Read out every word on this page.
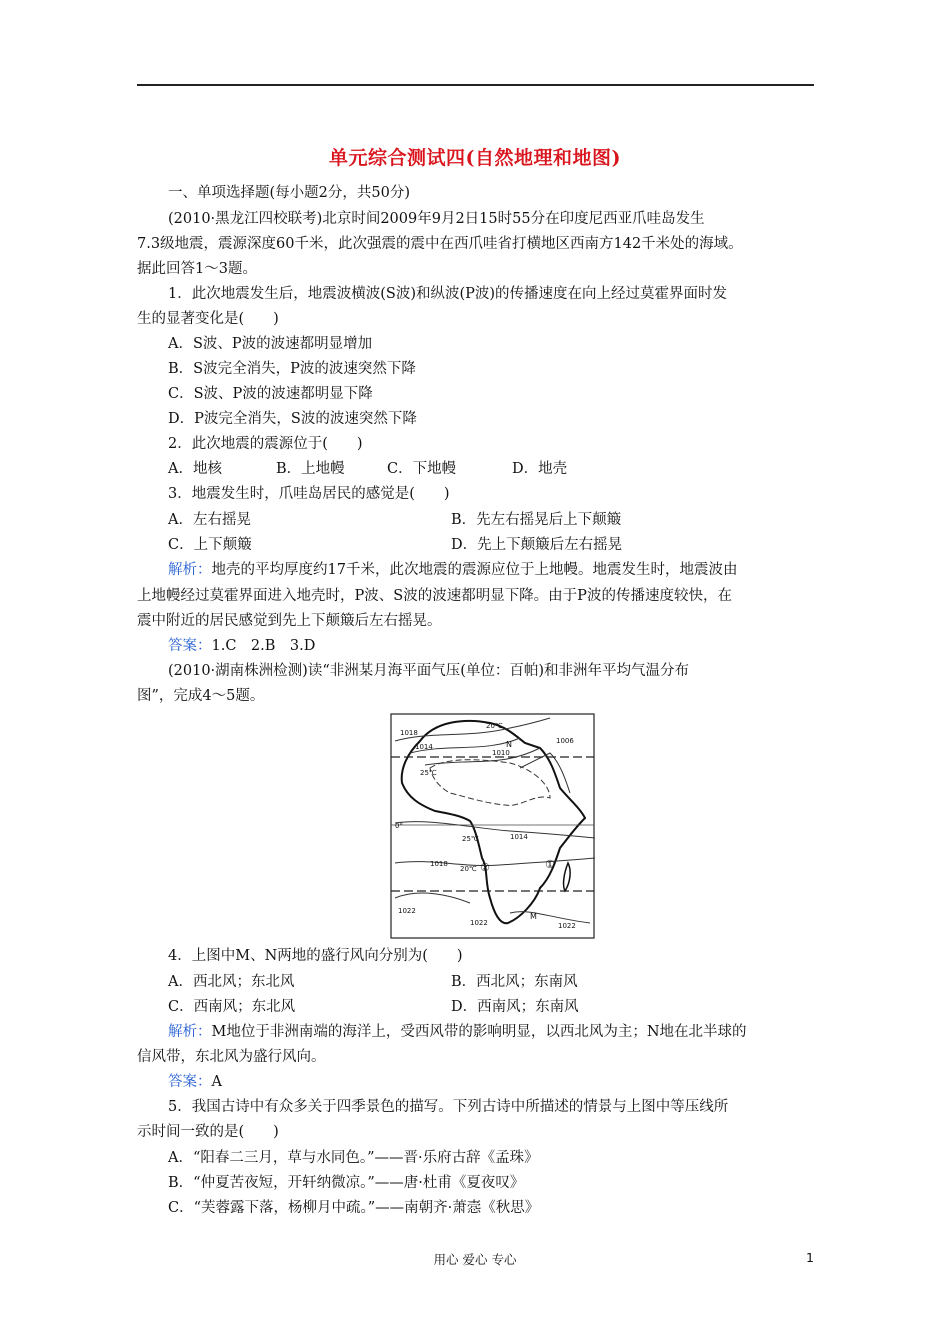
单元综合测试四(自然地理和地图)
一、单项选择题(每小题2分，共50分)
(2010·黑龙江四校联考)北京时间2009年9月2日15时55分在印度尼西亚爪哇岛发生
7.3级地震，震源深度60千米，此次强震的震中在西爪哇省打横地区西南方142千米处的海域。
据此回答1～3题。
1．此次地震发生后，地震波横波(S波)和纵波(P波)的传播速度在向上经过莫霍界面时发
生的显著变化是(　　)
A．S波、P波的波速都明显增加
B．S波完全消失，P波的波速突然下降
C．S波、P波的波速都明显下降
D．P波完全消失，S波的波速突然下降
2．此次地震的震源位于(　　)
A．地核	B．上地幔	C．下地幔	D．地壳
3．地震发生时，爪哇岛居民的感觉是(　　)
A．左右摇晃	B．先左右摇晃后上下颠簸
C．上下颠簸	D．先上下颠簸后左右摇晃
解析：地壳的平均厚度约17千米，此次地震的震源应位于上地幔。地震发生时，地震波由
上地幔经过莫霍界面进入地壳时，P波、S波的波速都明显下降。由于P波的传播速度较快，在
震中附近的居民感觉到先上下颠簸后左右摇晃。
答案：1.C　2.B　3.D
(2010·湖南株洲检测)读“非洲某月海平面气压(单位：百帕)和非洲年平均气温分布
图”，完成4～5题。
1018
1014
1010
1006
20℃
25℃
25℃
20℃
1014
1018
1022
1022
1022
0°
N
M
①
②
4．上图中M、N两地的盛行风向分别为(　　)
A．西北风；东北风	B．西北风；东南风
C．西南风；东北风	D．西南风；东南风
解析：M地位于非洲南端的海洋上，受西风带的影响明显，以西北风为主；N地在北半球的
信风带，东北风为盛行风向。
答案：A
5．我国古诗中有众多关于四季景色的描写。下列古诗中所描述的情景与上图中等压线所
示时间一致的是(　　)
A．“阳春二三月，草与水同色。”——晋·乐府古辞《孟珠》
B．“仲夏苦夜短，开轩纳微凉。”——唐·杜甫《夏夜叹》
C．“芙蓉露下落，杨柳月中疏。”——南朝齐·萧悫《秋思》
用心 爱心 专心	1
